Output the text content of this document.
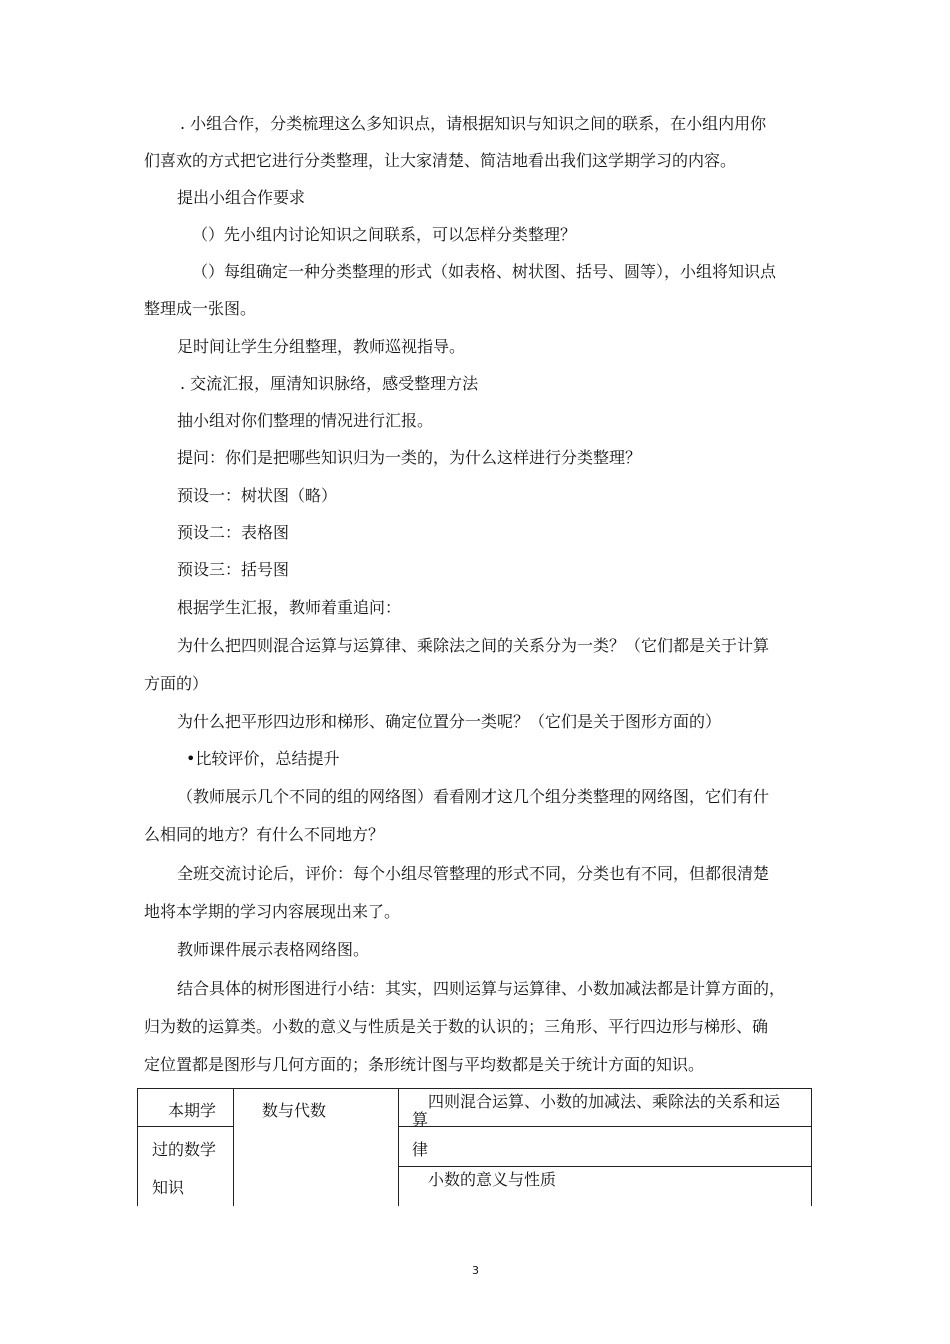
. 小组合作，分类梳理这么多知识点，请根据知识与知识之间的联系，在小组内用你
们喜欢的方式把它进行分类整理，让大家清楚、简洁地看出我们这学期学习的内容。
提出小组合作要求
（）先小组内讨论知识之间联系，可以怎样分类整理？
（）每组确定一种分类整理的形式（如表格、树状图、括号、圆等），小组将知识点
整理成一张图。
足时间让学生分组整理，教师巡视指导。
. 交流汇报，厘清知识脉络，感受整理方法
抽小组对你们整理的情况进行汇报。
提问：你们是把哪些知识归为一类的，为什么这样进行分类整理？
预设一：树状图（略）
预设二：表格图
预设三：括号图
根据学生汇报，教师着重追问：
为什么把四则混合运算与运算律、乘除法之间的关系分为一类？（它们都是关于计算
方面的）
为什么把平形四边形和梯形、确定位置分一类呢？（它们是关于图形方面的）
•比较评价，总结提升
（教师展示几个不同的组的网络图）看看刚才这几个组分类整理的网络图，它们有什
么相同的地方？有什么不同地方？
全班交流讨论后，评价：每个小组尽管整理的形式不同，分类也有不同，但都很清楚
地将本学期的学习内容展现出来了。
教师课件展示表格网络图。
结合具体的树形图进行小结：其实，四则运算与运算律、小数加减法都是计算方面的，
归为数的运算类。小数的意义与性质是关于数的认识的；三角形、平行四边形与梯形、确
定位置都是图形与几何方面的；条形统计图与平均数都是关于统计方面的知识。
本期学
过的数学
知识
数与代数	四则混合运算、小数的加减法、乘除法的关系和运
算
律
小数的意义与性质
3
